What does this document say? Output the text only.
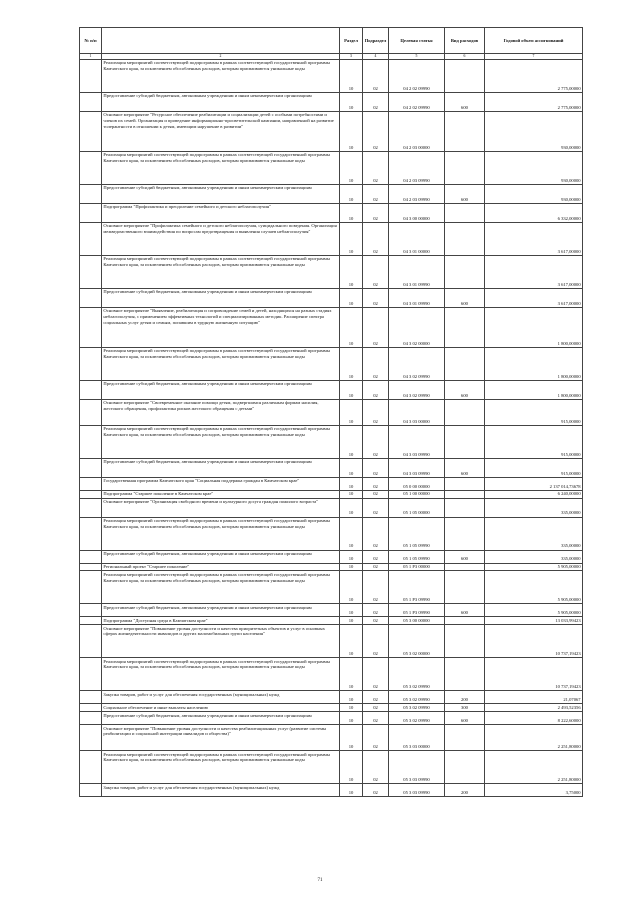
№ п/п		Раздел	Подраздел	Целевая статья	Вид расходов	Годовой объем ассигнований
1	2	3	4	5	6	7
	Реализация мероприятий соответствующей подпрограммы в рамках соответствующей государственной программы Камчатского края, за исключением обособленных расходов, которым присваиваются уникальные коды	10	02	04 2 02 09990		2 775,00000
	Предоставление субсидий бюджетным, автономным учреждениям и иным некоммерческим организациям	10	02	04 2 02 09990	600	2 775,00000
	Основное мероприятие "Ресурсное обеспечение реабилитации и социализации детей с особыми потребностями и членов их семей. Организация и проведение информационно-просветительской кампании, направленной на развитие толерантности в отношении к детям, имеющим нарушение в развитии"	10	02	04 2 03 00000		930,00000
	Реализация мероприятий соответствующей подпрограммы в рамках соответствующей государственной программы Камчатского края, за исключением обособленных расходов, которым присваиваются уникальные коды	10	02	04 2 03 09990		930,00000
	Предоставление субсидий бюджетным, автономным учреждениям и иным некоммерческим организациям	10	02	04 2 03 09990	600	930,00000
	Подпрограмма "Профилактика и преодоление семейного и детского неблагополучия"	10	02	04 3 00 00000		6 332,00000
	Основное мероприятие "Профилактика семейного и детского неблагополучия, суицидального поведения. Организация межведомственного взаимодействия по вопросам предотвращения и выявления случаев неблагополучия"	10	02	04 3 01 00000		3 617,00000
	Реализация мероприятий соответствующей подпрограммы в рамках соответствующей государственной программы Камчатского края, за исключением обособленных расходов, которым присваиваются уникальные коды	10	02	04 3 01 09990		3 617,00000
	Предоставление субсидий бюджетным, автономным учреждениям и иным некоммерческим организациям	10	02	04 3 01 09990	600	3 617,00000
	Основное мероприятие "Выявление, реабилитация и сопровождение семей и детей, находящихся на разных стадиях неблагополучия, с применением эффективных технологий и специализированных методик. Расширение спектра социальных услуг детям и семьям, попавшим в трудную жизненную ситуацию"	10	02	04 3 02 00000		1 800,00000
	Реализация мероприятий соответствующей подпрограммы в рамках соответствующей государственной программы Камчатского края, за исключением обособленных расходов, которым присваиваются уникальные коды	10	02	04 3 02 09990		1 800,00000
	Предоставление субсидий бюджетным, автономным учреждениям и иным некоммерческим организациям	10	02	04 3 02 09990	600	1 800,00000
	Основное мероприятие "Своевременное оказание помощи детям, подвергшимся различным формам насилия, жестокого обращения, профилактика рисков жестокого обращения с детьми"	10	02	04 3 03 00000		915,00000
	Реализация мероприятий соответствующей подпрограммы в рамках соответствующей государственной программы Камчатского края, за исключением обособленных расходов, которым присваиваются уникальные коды	10	02	04 3 03 09990		915,00000
	Предоставление субсидий бюджетным, автономным учреждениям и иным некоммерческим организациям	10	02	04 3 03 09990	600	915,00000
	Государственная программа Камчатского края "Социальная поддержка граждан в Камчатском крае"	10	02	05 0 00 00000		2 137 014,73678
	Подпрограмма "Старшее поколение в Камчатском крае"	10	02	05 1 00 00000		6 240,00000
	Основное мероприятие "Организация свободного времени и культурного досуга граждан пожилого возраста"	10	02	05 1 05 00000		335,00000
	Реализация мероприятий соответствующей подпрограммы в рамках соответствующей государственной программы Камчатского края, за исключением обособленных расходов, которым присваиваются уникальные коды	10	02	05 1 05 09990		335,00000
	Предоставление субсидий бюджетным, автономным учреждениям и иным некоммерческим организациям	10	02	05 1 05 09990	600	335,00000
	Региональный проект "Старшее поколение"	10	02	05 1 P3 00000		5 905,00000
	Реализация мероприятий соответствующей подпрограммы в рамках соответствующей государственной программы Камчатского края, за исключением обособленных расходов, которым присваиваются уникальные коды	10	02	05 1 P3 09990		5 905,00000
	Предоставление субсидий бюджетным, автономным учреждениям и иным некоммерческим организациям	10	02	05 1 P3 09990	600	5 905,00000
	Подпрограмма "Доступная среда в Камчатском крае"	10	02	05 3 00 00000		13 033,99423
	Основное мероприятие "Повышение уровня доступности и качества приоритетных объектов и услуг в основных сферах жизнедеятельности инвалидов и других маломобильных групп населения"	10	02	05 3 02 00000		10 737,19423
	Реализация мероприятий соответствующей подпрограммы в рамках соответствующей государственной программы Камчатского края, за исключением обособленных расходов, которым присваиваются уникальные коды	10	02	05 3 02 09990		10 737,19423
	Закупка товаров, работ и услуг для обеспечения государственных (муниципальных) нужд	10	02	05 3 02 09990	200	21,07067
	Социальное обеспечение и иные выплаты населению	10	02	05 3 02 09990	300	2 493,52356
	Предоставление субсидий бюджетным, автономным учреждениям и иным некоммерческим организациям	10	02	05 3 02 09990	600	8 222,60000
	Основное мероприятие "Повышение уровня доступности и качества реабилитационных услуг (развитие системы реабилитации и социальной интеграции инвалидов и общества)"	10	02	05 3 03 00000		2 251,80000
	Реализация мероприятий соответствующей подпрограммы в рамках соответствующей государственной программы Камчатского края, за исключением обособленных расходов, которым присваиваются уникальные коды	10	02	05 3 03 09990		2 251,80000
	Закупка товаров, работ и услуг для обеспечения государственных (муниципальных) нужд	10	02	05 3 03 09990	200	3,75000
71
